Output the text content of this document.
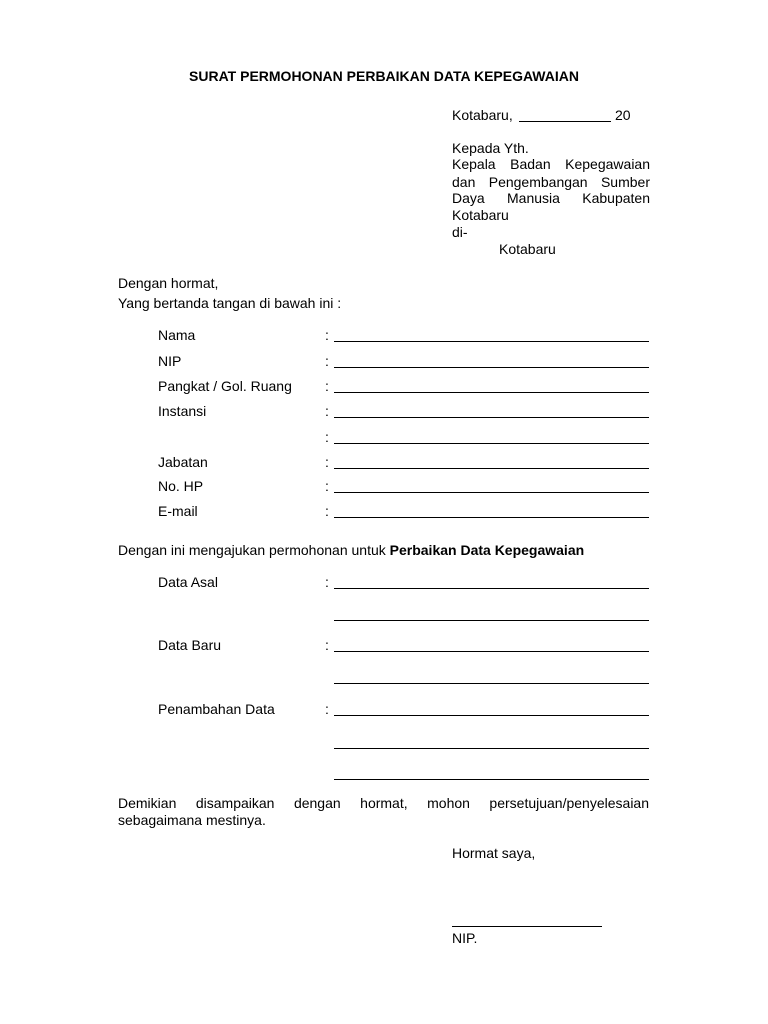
SURAT PERMOHONAN PERBAIKAN DATA KEPEGAWAIAN
Kotabaru,	20
Kepada Yth.
Kepala Badan Kepegawaian
dan Pengembangan Sumber
Daya Manusia Kabupaten
Kotabaru
di-
Kotabaru
Dengan hormat,
Yang bertanda tangan di bawah ini :
Nama	:
NIP	:
Pangkat / Gol. Ruang :
Instansi	:
:
Jabatan	:
No. HP	:
E-mail	:
Dengan ini mengajukan permohonan untuk Perbaikan Data Kepegawaian
Data Asal	:
Data Baru	:
Penambahan Data	:
Demikian disampaikan dengan hormat, mohon persetujuan/penyelesaian
sebagaimana mestinya.
Hormat saya,
NIP.
